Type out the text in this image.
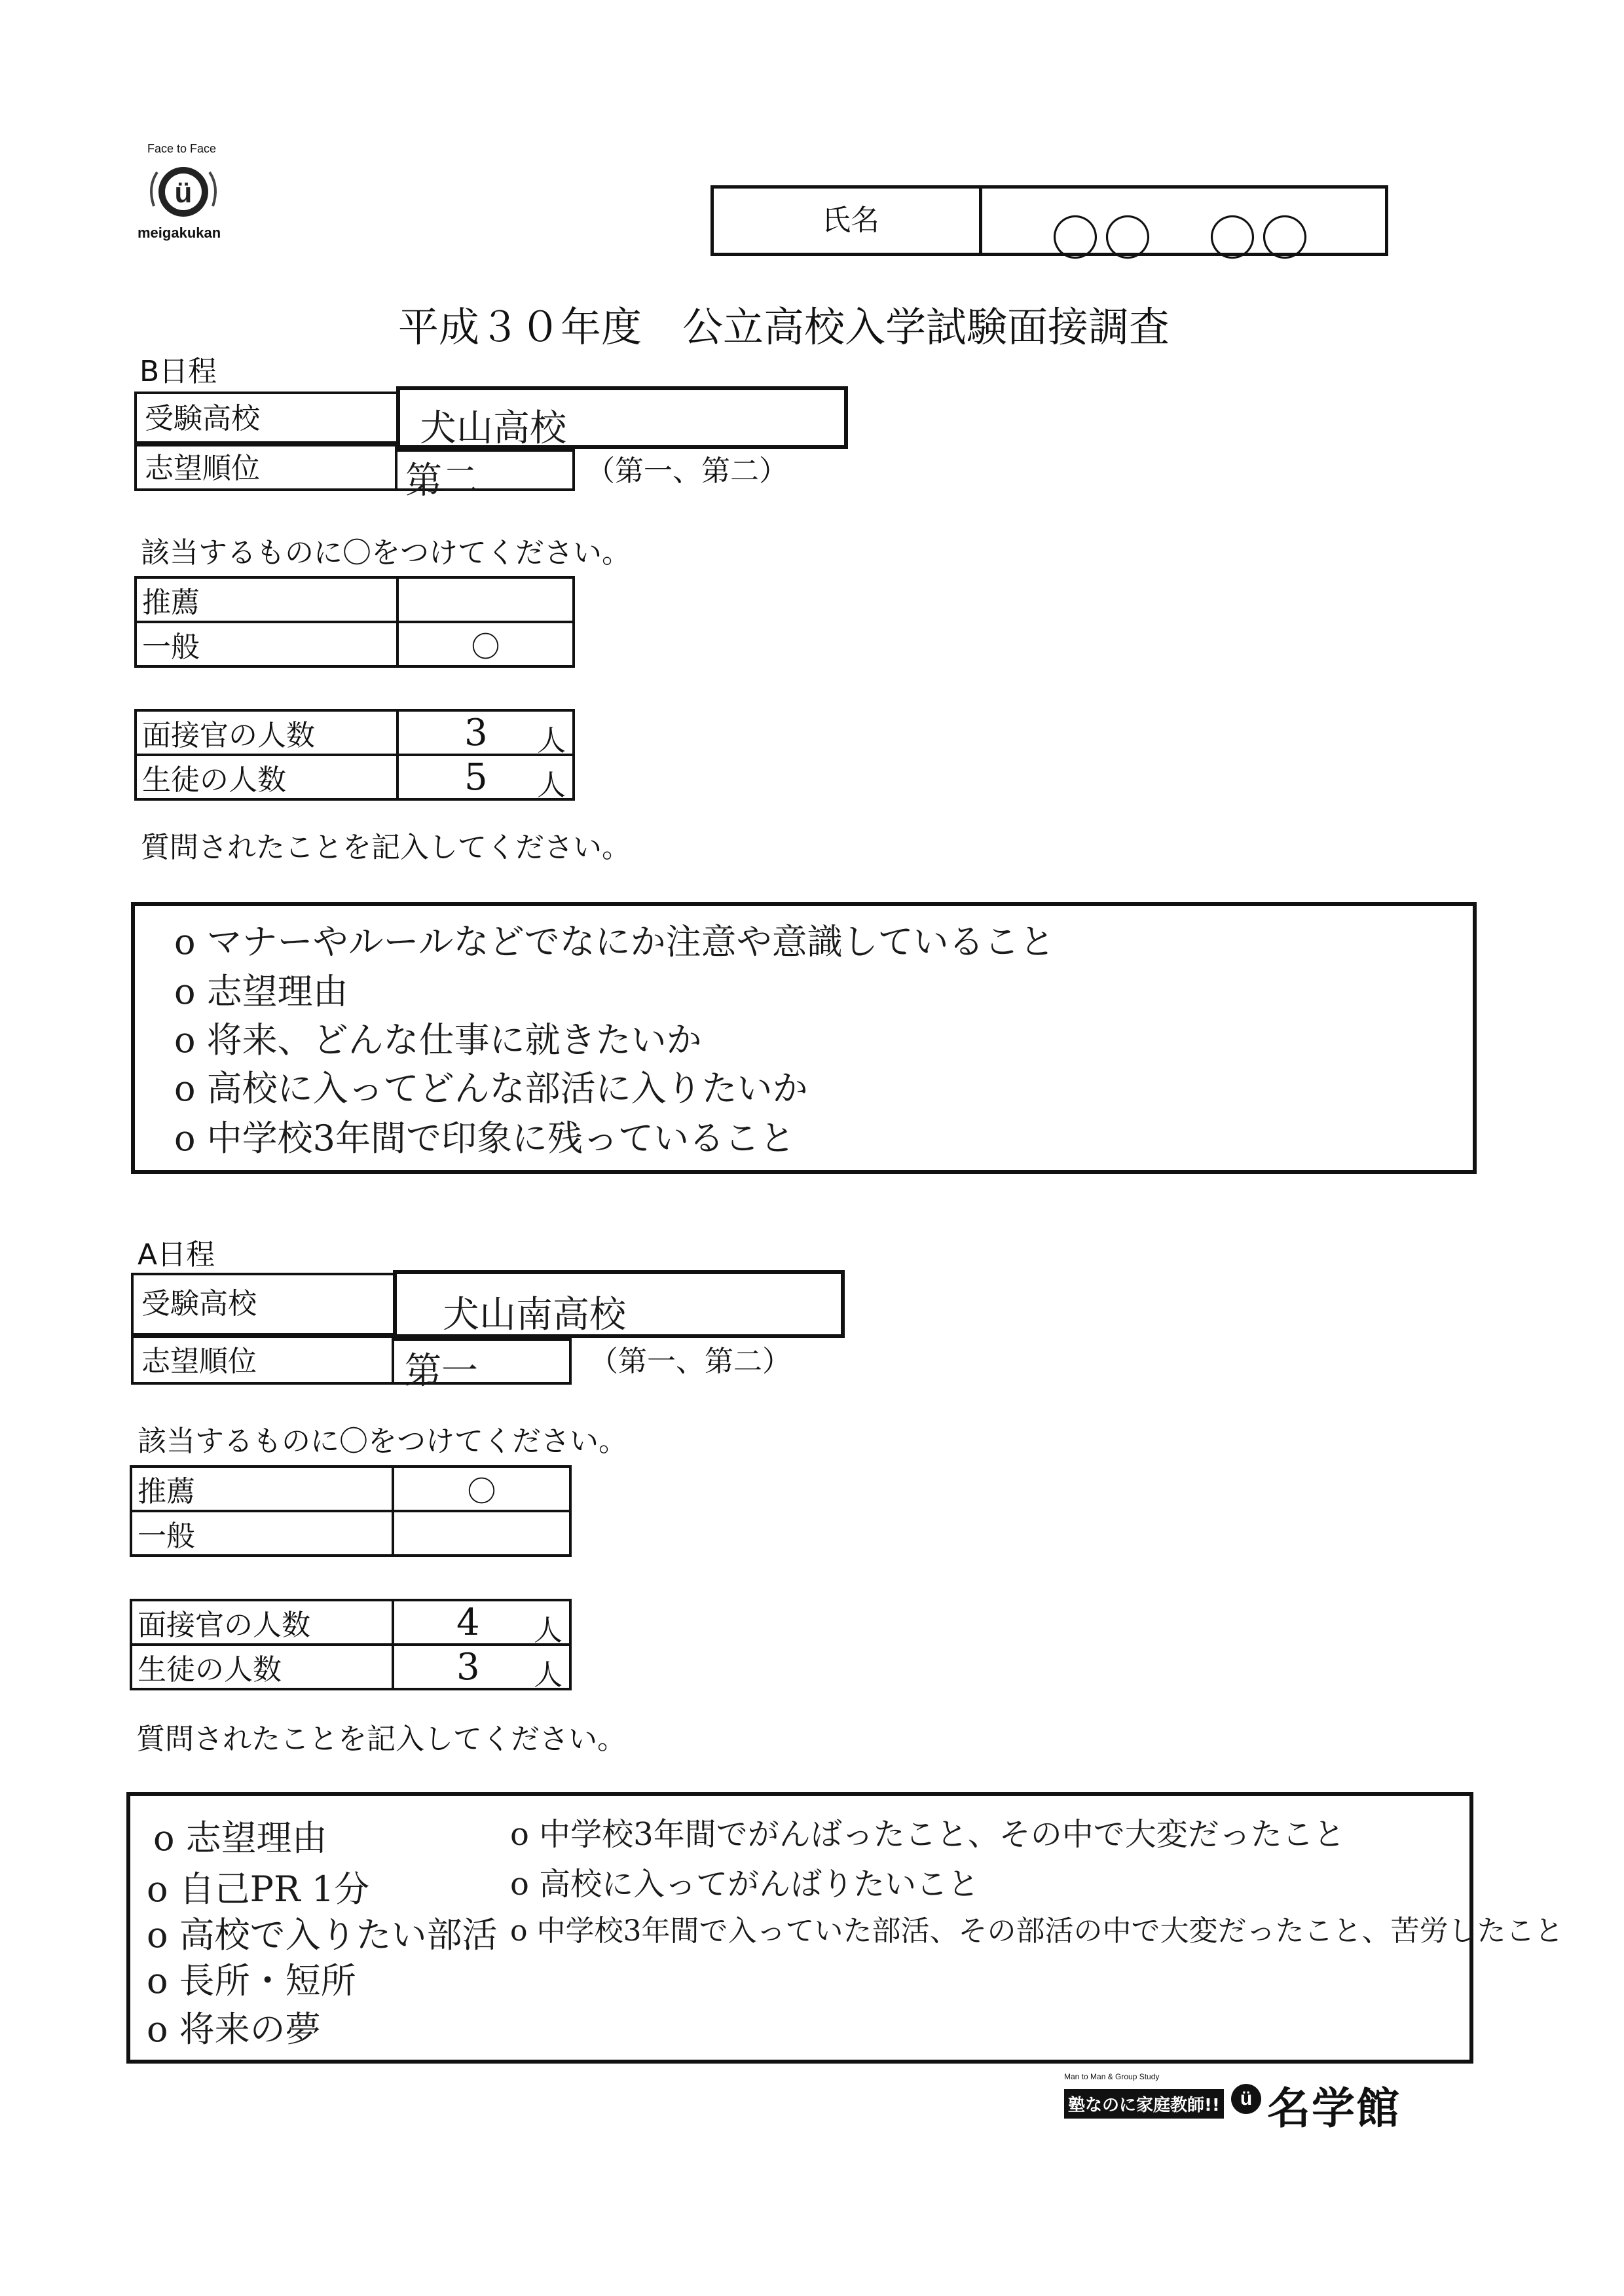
ü
Face to Face
meigakukan	氏名	〇〇　〇〇
平成３０年度　公立高校入学試験面接調査
B日程
受験高校	犬山高校
志望順位	第二	（第一、第二）
該当するものに〇をつけてください。
推薦	
一般	〇
面接官の人数	3 人

生徒の人数	5 人
質問されたことを記入してください。
o マナーやルールなどでなにか注意や意識していること
o 志望理由
o 将来、どんな仕事に就きたいか
o 高校に入ってどんな部活に入りたいか
o 中学校3年間で印象に残っていること
A日程
受験高校	犬山南高校
志望順位	第一	（第一、第二）
該当するものに〇をつけてください。
推薦	〇
一般	
面接官の人数	4 人

生徒の人数	3 人
質問されたことを記入してください。
o 志望理由
o 自己PR 1分
o 高校で入りたい部活
o 長所・短所
o 将来の夢
o 中学校3年間でがんばったこと、その中で大変だったこと
o 高校に入ってがんばりたいこと
o 中学校3年間で入っていた部活、その部活の中で大変だったこと、苦労したこと
Man to Man & Group Study
塾なのに家庭教師!!	ü 名学館
